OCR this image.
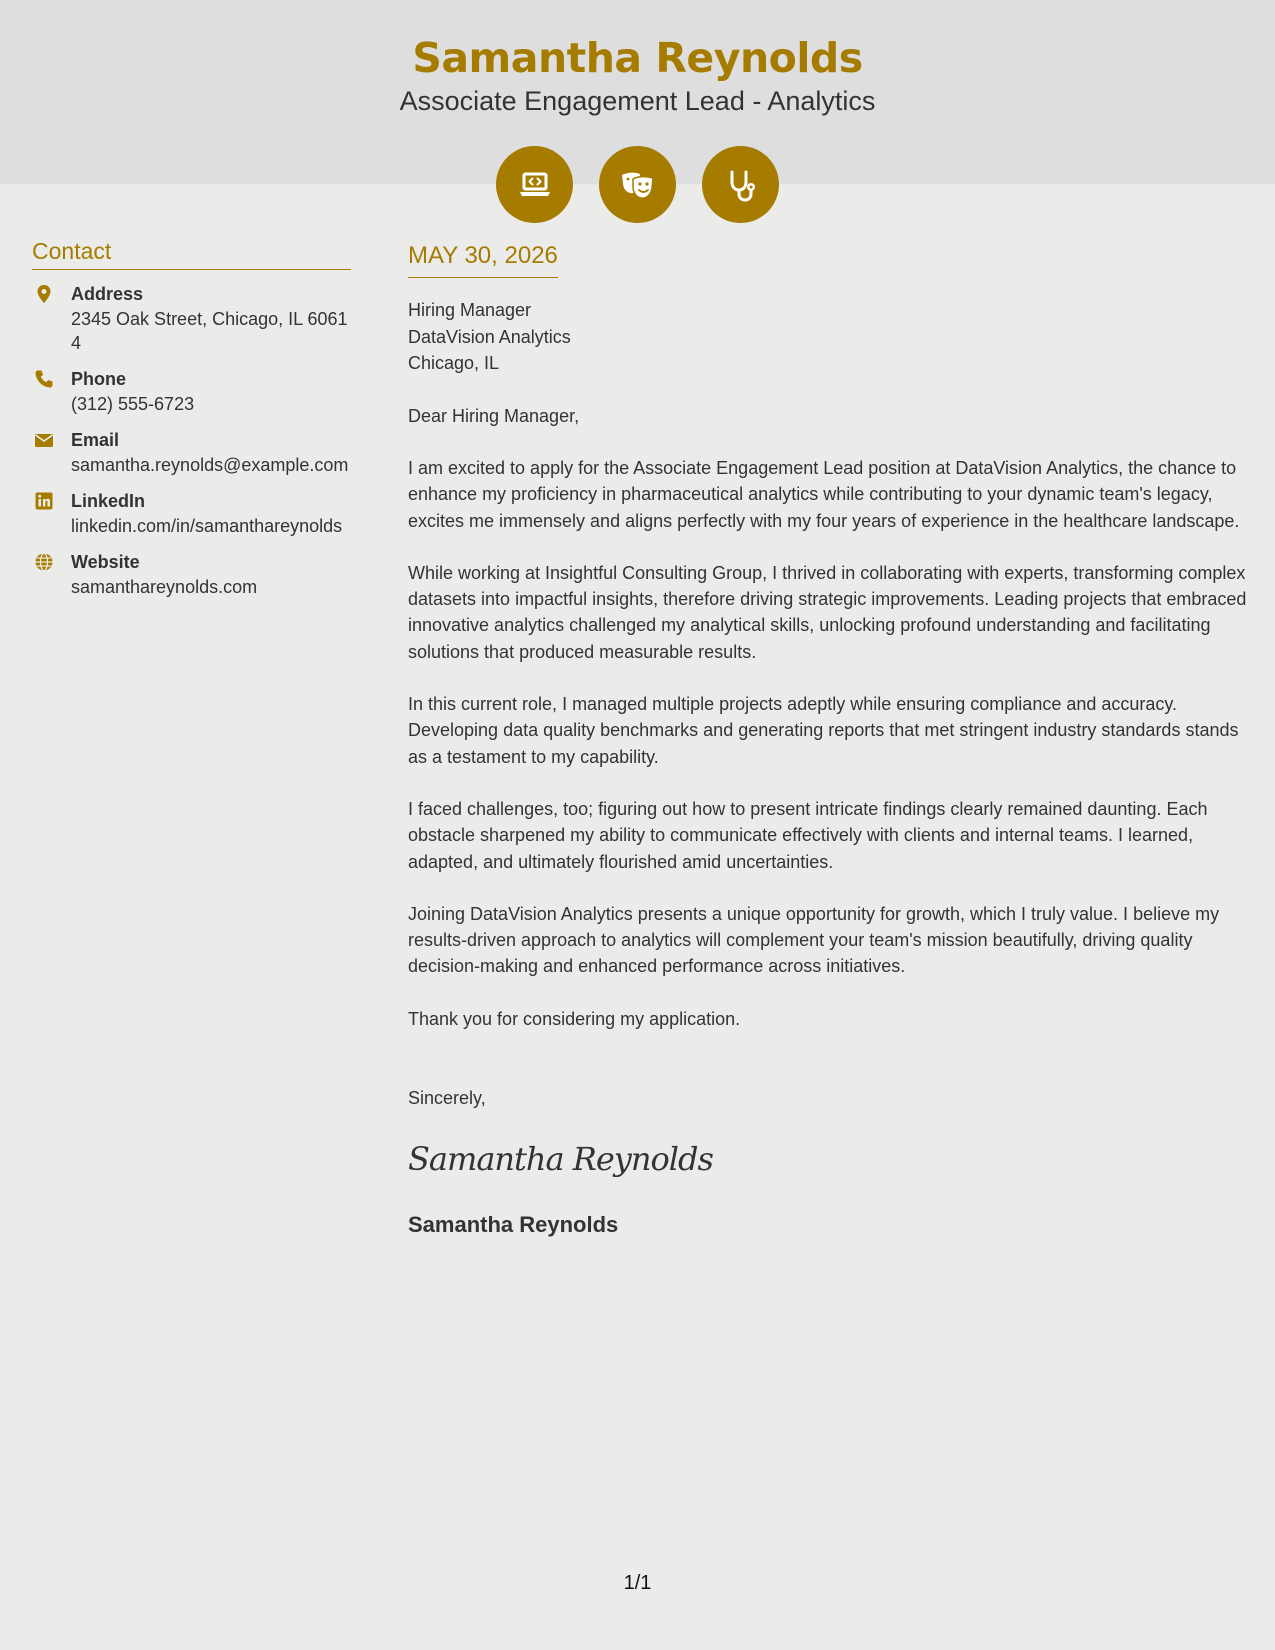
Samantha Reynolds
Associate Engagement Lead - Analytics
Contact
Address
2345 Oak Street, Chicago, IL 60614
Phone
(312) 555-6723
Email
samantha.reynolds@example.com
LinkedIn
linkedin.com/in/samanthareynolds
Website
samanthareynolds.com
MAY 30, 2026
Hiring Manager
DataVision Analytics
Chicago, IL
Dear Hiring Manager,

I am excited to apply for the Associate Engagement Lead position at DataVision Analytics, the chance to enhance my proficiency in pharmaceutical analytics while contributing to your dynamic team's legacy, excites me immensely and aligns perfectly with my four years of experience in the healthcare landscape.

While working at Insightful Consulting Group, I thrived in collaborating with experts, transforming complex datasets into impactful insights, therefore driving strategic improvements. Leading projects that embraced innovative analytics challenged my analytical skills, unlocking profound understanding and facilitating solutions that produced measurable results.

In this current role, I managed multiple projects adeptly while ensuring compliance and accuracy. Developing data quality benchmarks and generating reports that met stringent industry standards stands as a testament to my capability.

I faced challenges, too; figuring out how to present intricate findings clearly remained daunting. Each obstacle sharpened my ability to communicate effectively with clients and internal teams. I learned, adapted, and ultimately flourished amid uncertainties.

Joining DataVision Analytics presents a unique opportunity for growth, which I truly value. I believe my results-driven approach to analytics will complement your team's mission beautifully, driving quality decision-making and enhanced performance across initiatives.

Thank you for considering my application.

Sincerely,
Samantha Reynolds
Samantha Reynolds
1/1
